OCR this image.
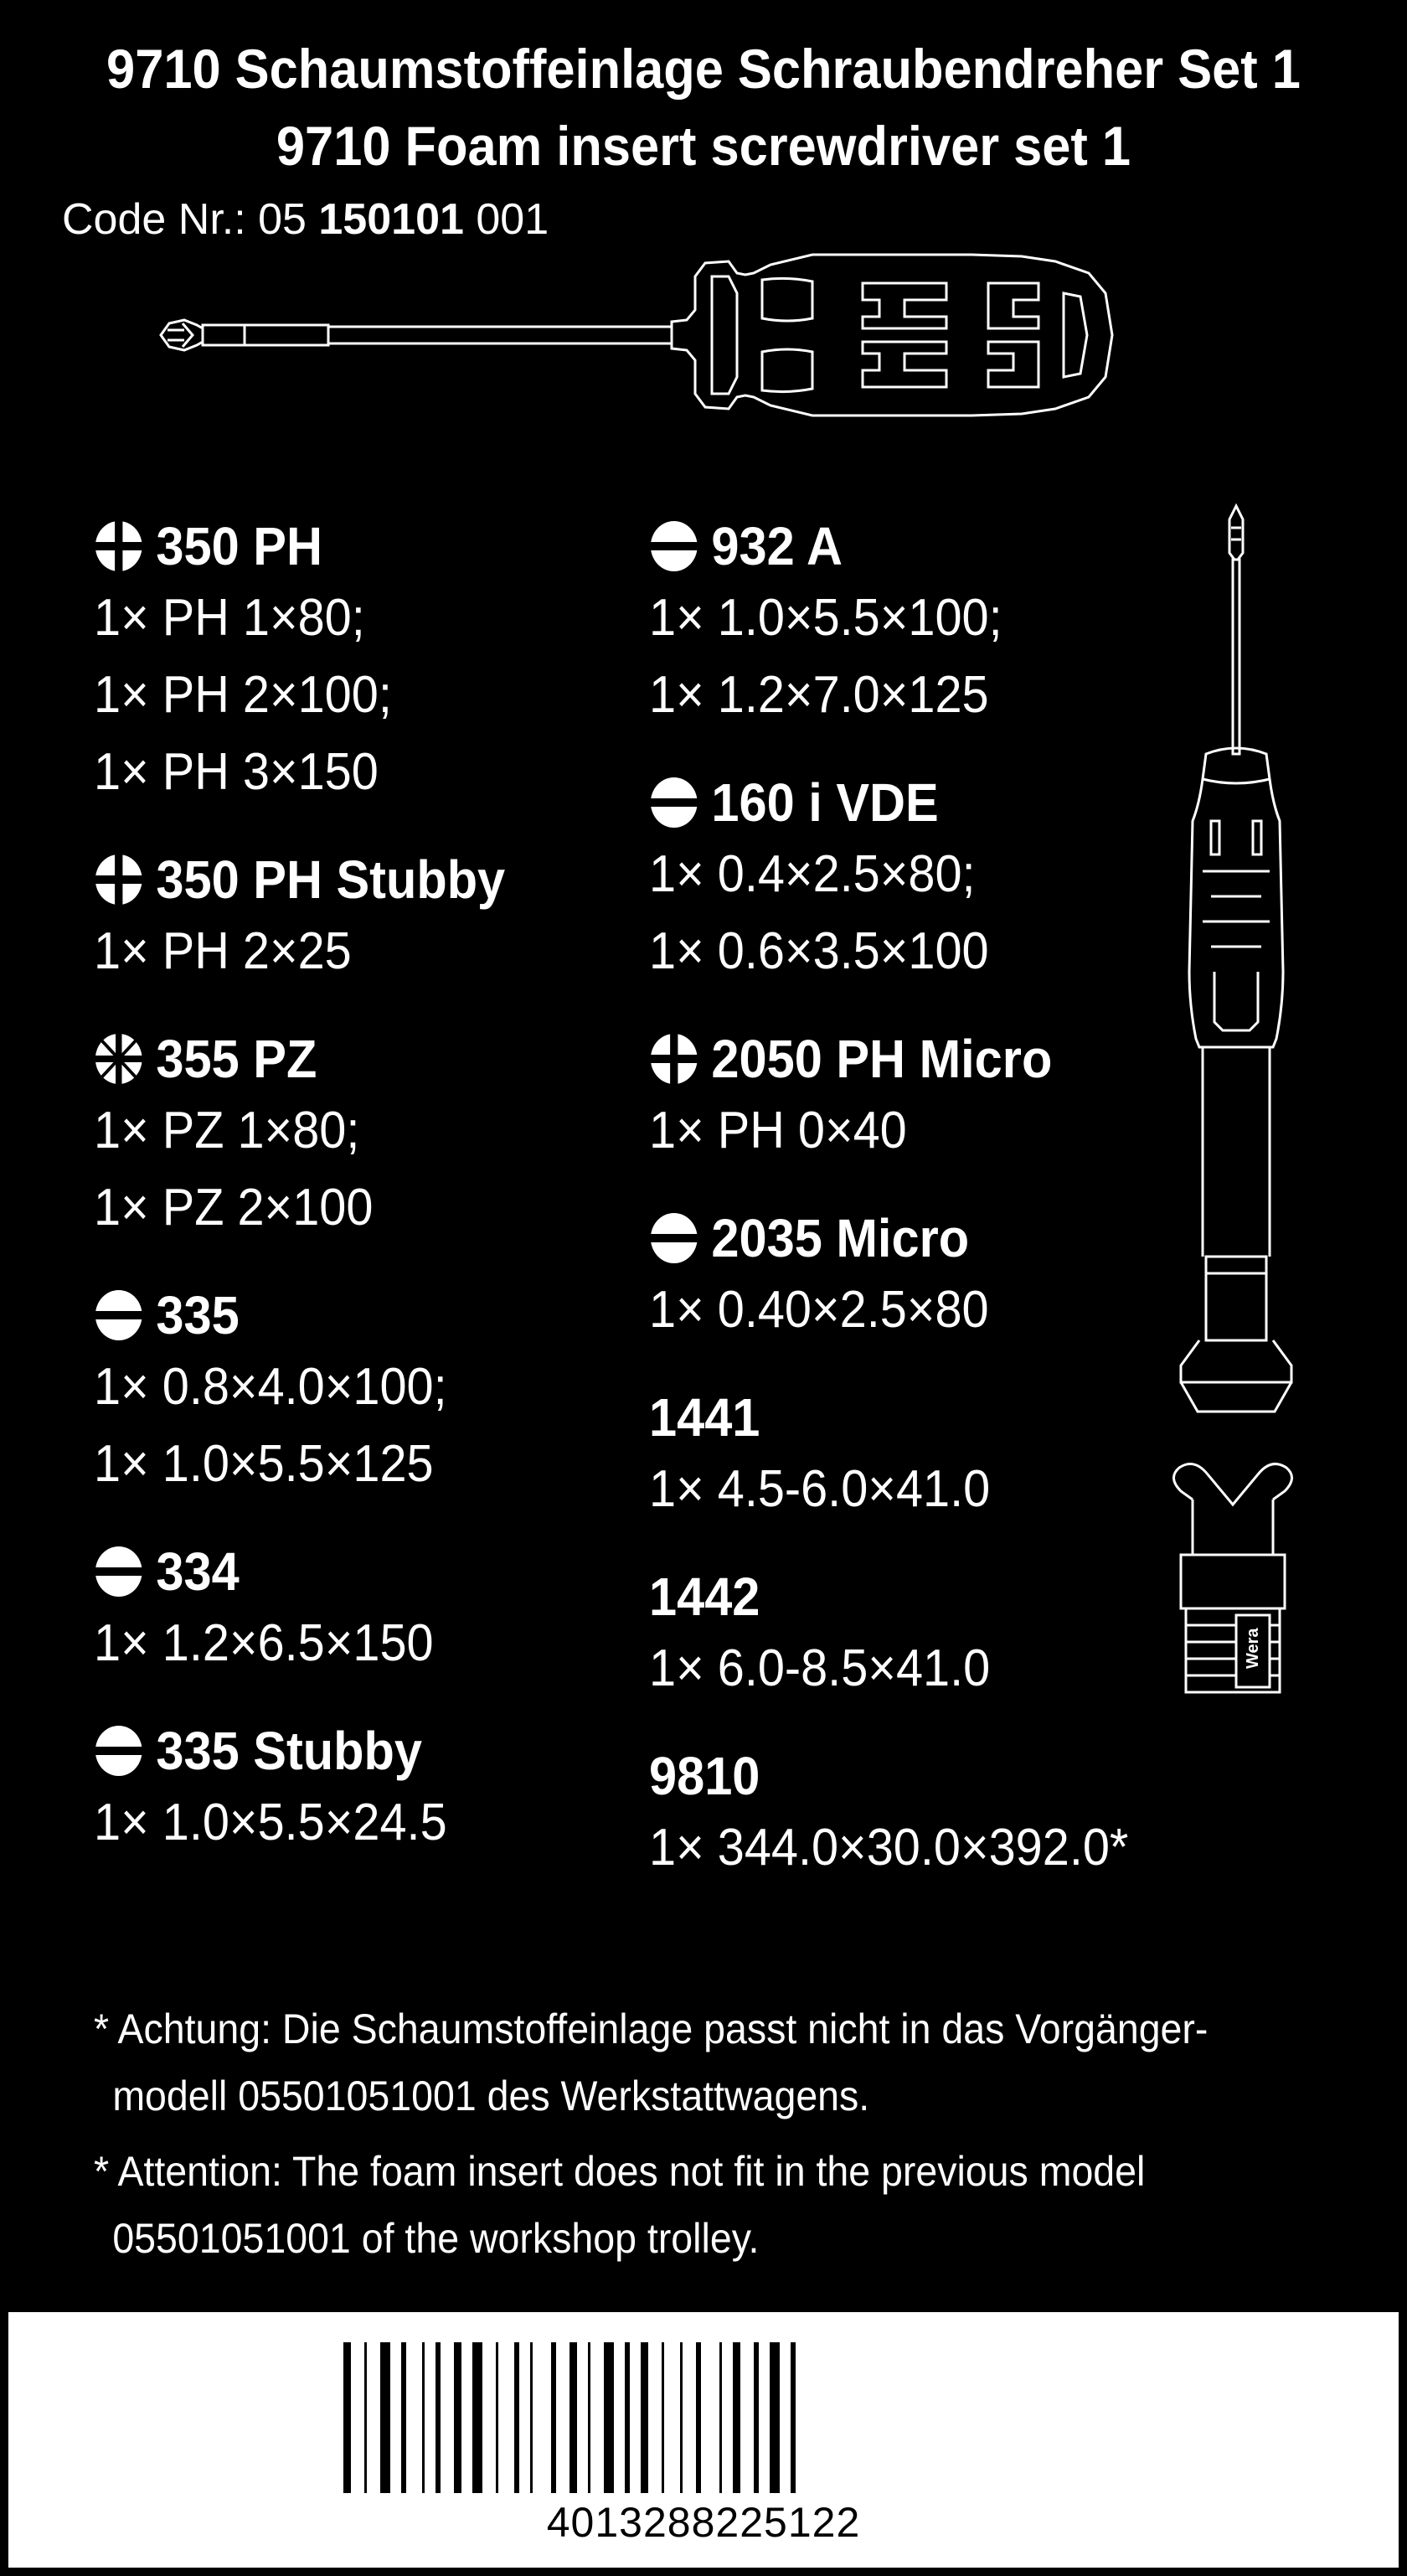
9710 Schaumstoffeinlage Schraubendreher Set 1
9710 Foam insert screwdriver set 1
Code Nr.: 05 150101 001
350 PH
1× PH 1×80;
1× PH 2×100;
1× PH 3×150
350 PH Stubby
1× PH 2×25
355 PZ
1× PZ 1×80;
1× PZ 2×100
335
1× 0.8×4.0×100;
1× 1.0×5.5×125
334
1× 1.2×6.5×150
335 Stubby
1× 1.0×5.5×24.5
932 A
1× 1.0×5.5×100;
1× 1.2×7.0×125
160 i VDE
1× 0.4×2.5×80;
1× 0.6×3.5×100
2050 PH Micro
1× PH 0×40
2035 Micro
1× 0.40×2.5×80
1441
1× 4.5-6.0×41.0
1442
1× 6.0-8.5×41.0
9810
1× 344.0×30.0×392.0*
Wera
* Achtung: Die Schaumstoffeinlage passt nicht in das Vorgänger-
modell 05501051001 des Werkstattwagens.
* Attention: The foam insert does not fit in the previous model
05501051001 of the workshop trolley.
4013288225122
